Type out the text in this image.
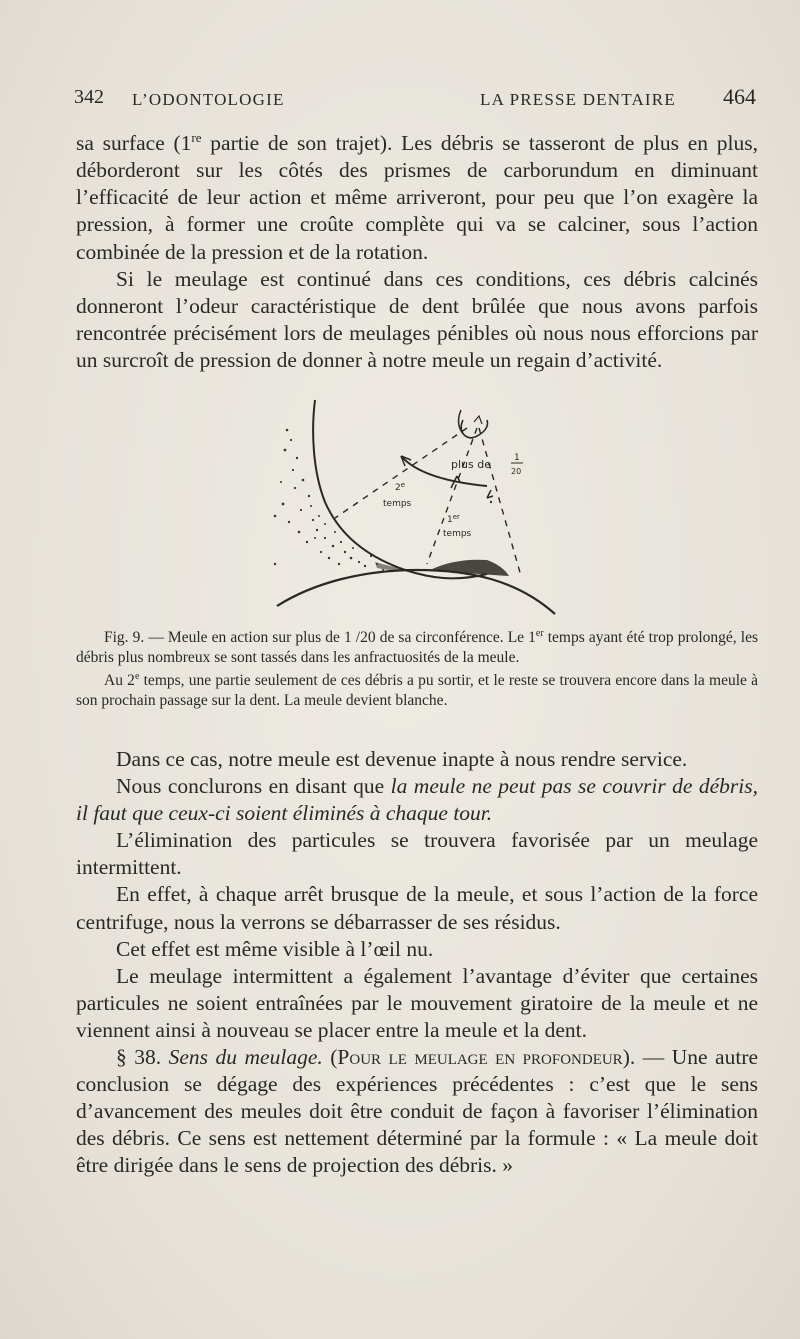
342 L’ODONTOLOGIE	LA PRESSE DENTAIRE 464

sa surface (1re partie de son trajet). Les débris se tasseront de plus en plus, déborderont sur les côtés des prismes de carborundum en diminuant l’efficacité de leur action et même arriveront, pour peu que l’on exagère la pression, à former une croûte complète qui va se calciner, sous l’action combinée de la pression et de la rotation.

Si le meulage est continué dans ces conditions, ces débris calcinés donneront l’odeur caractéristique de dent brûlée que nous avons parfois rencontrée précisément lors de meulages pénibles où nous nous efforcions par un surcroît de pression de donner à notre meule un regain d’activité.

plus de	1
20
2e
temps
1er
temps

Fig. 9. — Meule en action sur plus de 1 /20 de sa circonférence. Le 1er temps ayant été trop prolongé, les débris plus nombreux se sont tassés dans les anfractuosités de la meule.

Au 2e temps, une partie seulement de ces débris a pu sortir, et le reste se trouvera encore dans la meule à son prochain passage sur la dent. La meule devient blanche.

Dans ce cas, notre meule est devenue inapte à nous rendre service.

Nous conclurons en disant que la meule ne peut pas se couvrir de débris, il faut que ceux-ci soient éliminés à chaque tour.

L’élimination des particules se trouvera favorisée par un meulage intermittent.

En effet, à chaque arrêt brusque de la meule, et sous l’action de la force centrifuge, nous la verrons se débarrasser de ses résidus.

Cet effet est même visible à l’œil nu.

Le meulage intermittent a également l’avantage d’éviter que certaines particules ne soient entraînées par le mouvement giratoire de la meule et ne viennent ainsi à nouveau se placer entre la meule et la dent.

§ 38. Sens du meulage. (Pour le meulage en profondeur). — Une autre conclusion se dégage des expériences précédentes : c’est que le sens d’avancement des meules doit être conduit de façon à favoriser l’élimination des débris. Ce sens est nettement déterminé par la formule : « La meule doit être dirigée dans le sens de projection des débris. »
